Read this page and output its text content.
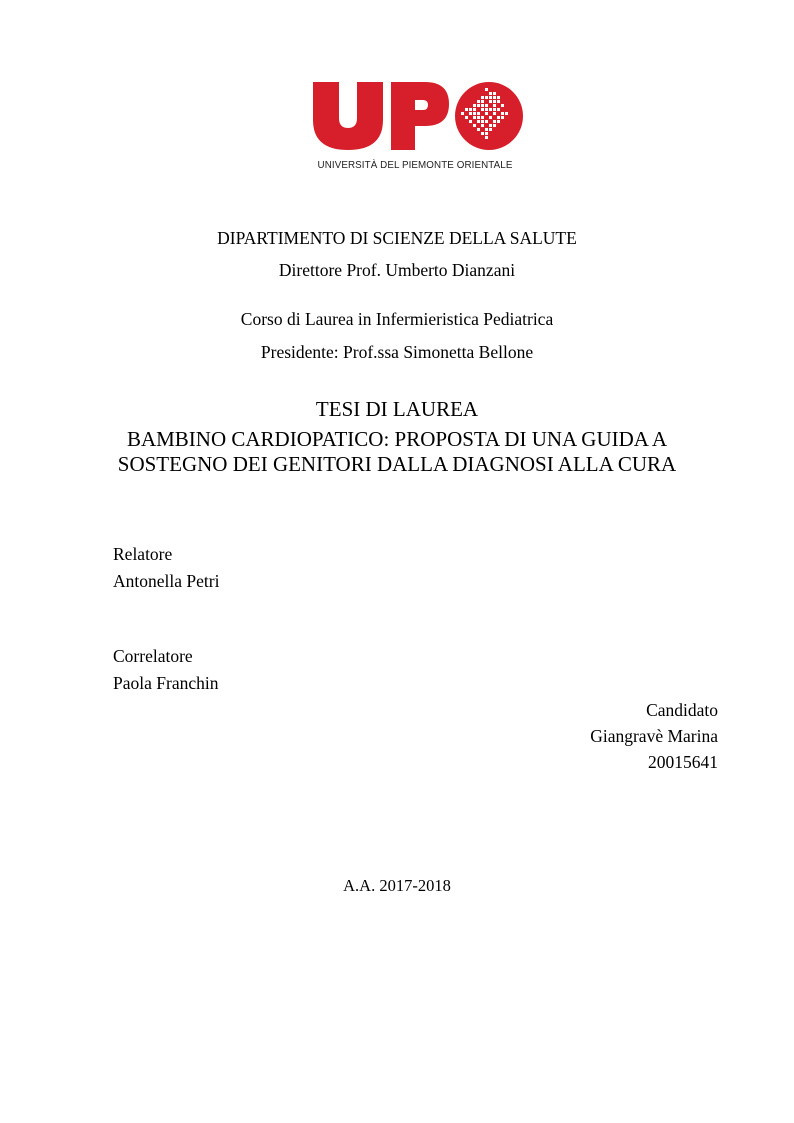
UNIVERSITÀ DEL PIEMONTE ORIENTALE
DIPARTIMENTO DI SCIENZE DELLA SALUTE
Direttore Prof. Umberto Dianzani
Corso di Laurea in Infermieristica Pediatrica
Presidente: Prof.ssa Simonetta Bellone
TESI DI LAUREA
BAMBINO CARDIOPATICO: PROPOSTA DI UNA GUIDA A
SOSTEGNO DEI GENITORI DALLA DIAGNOSI ALLA CURA
Relatore
Antonella Petri
Correlatore
Paola Franchin
Candidato
Giangravè Marina
20015641
A.A. 2017-2018
